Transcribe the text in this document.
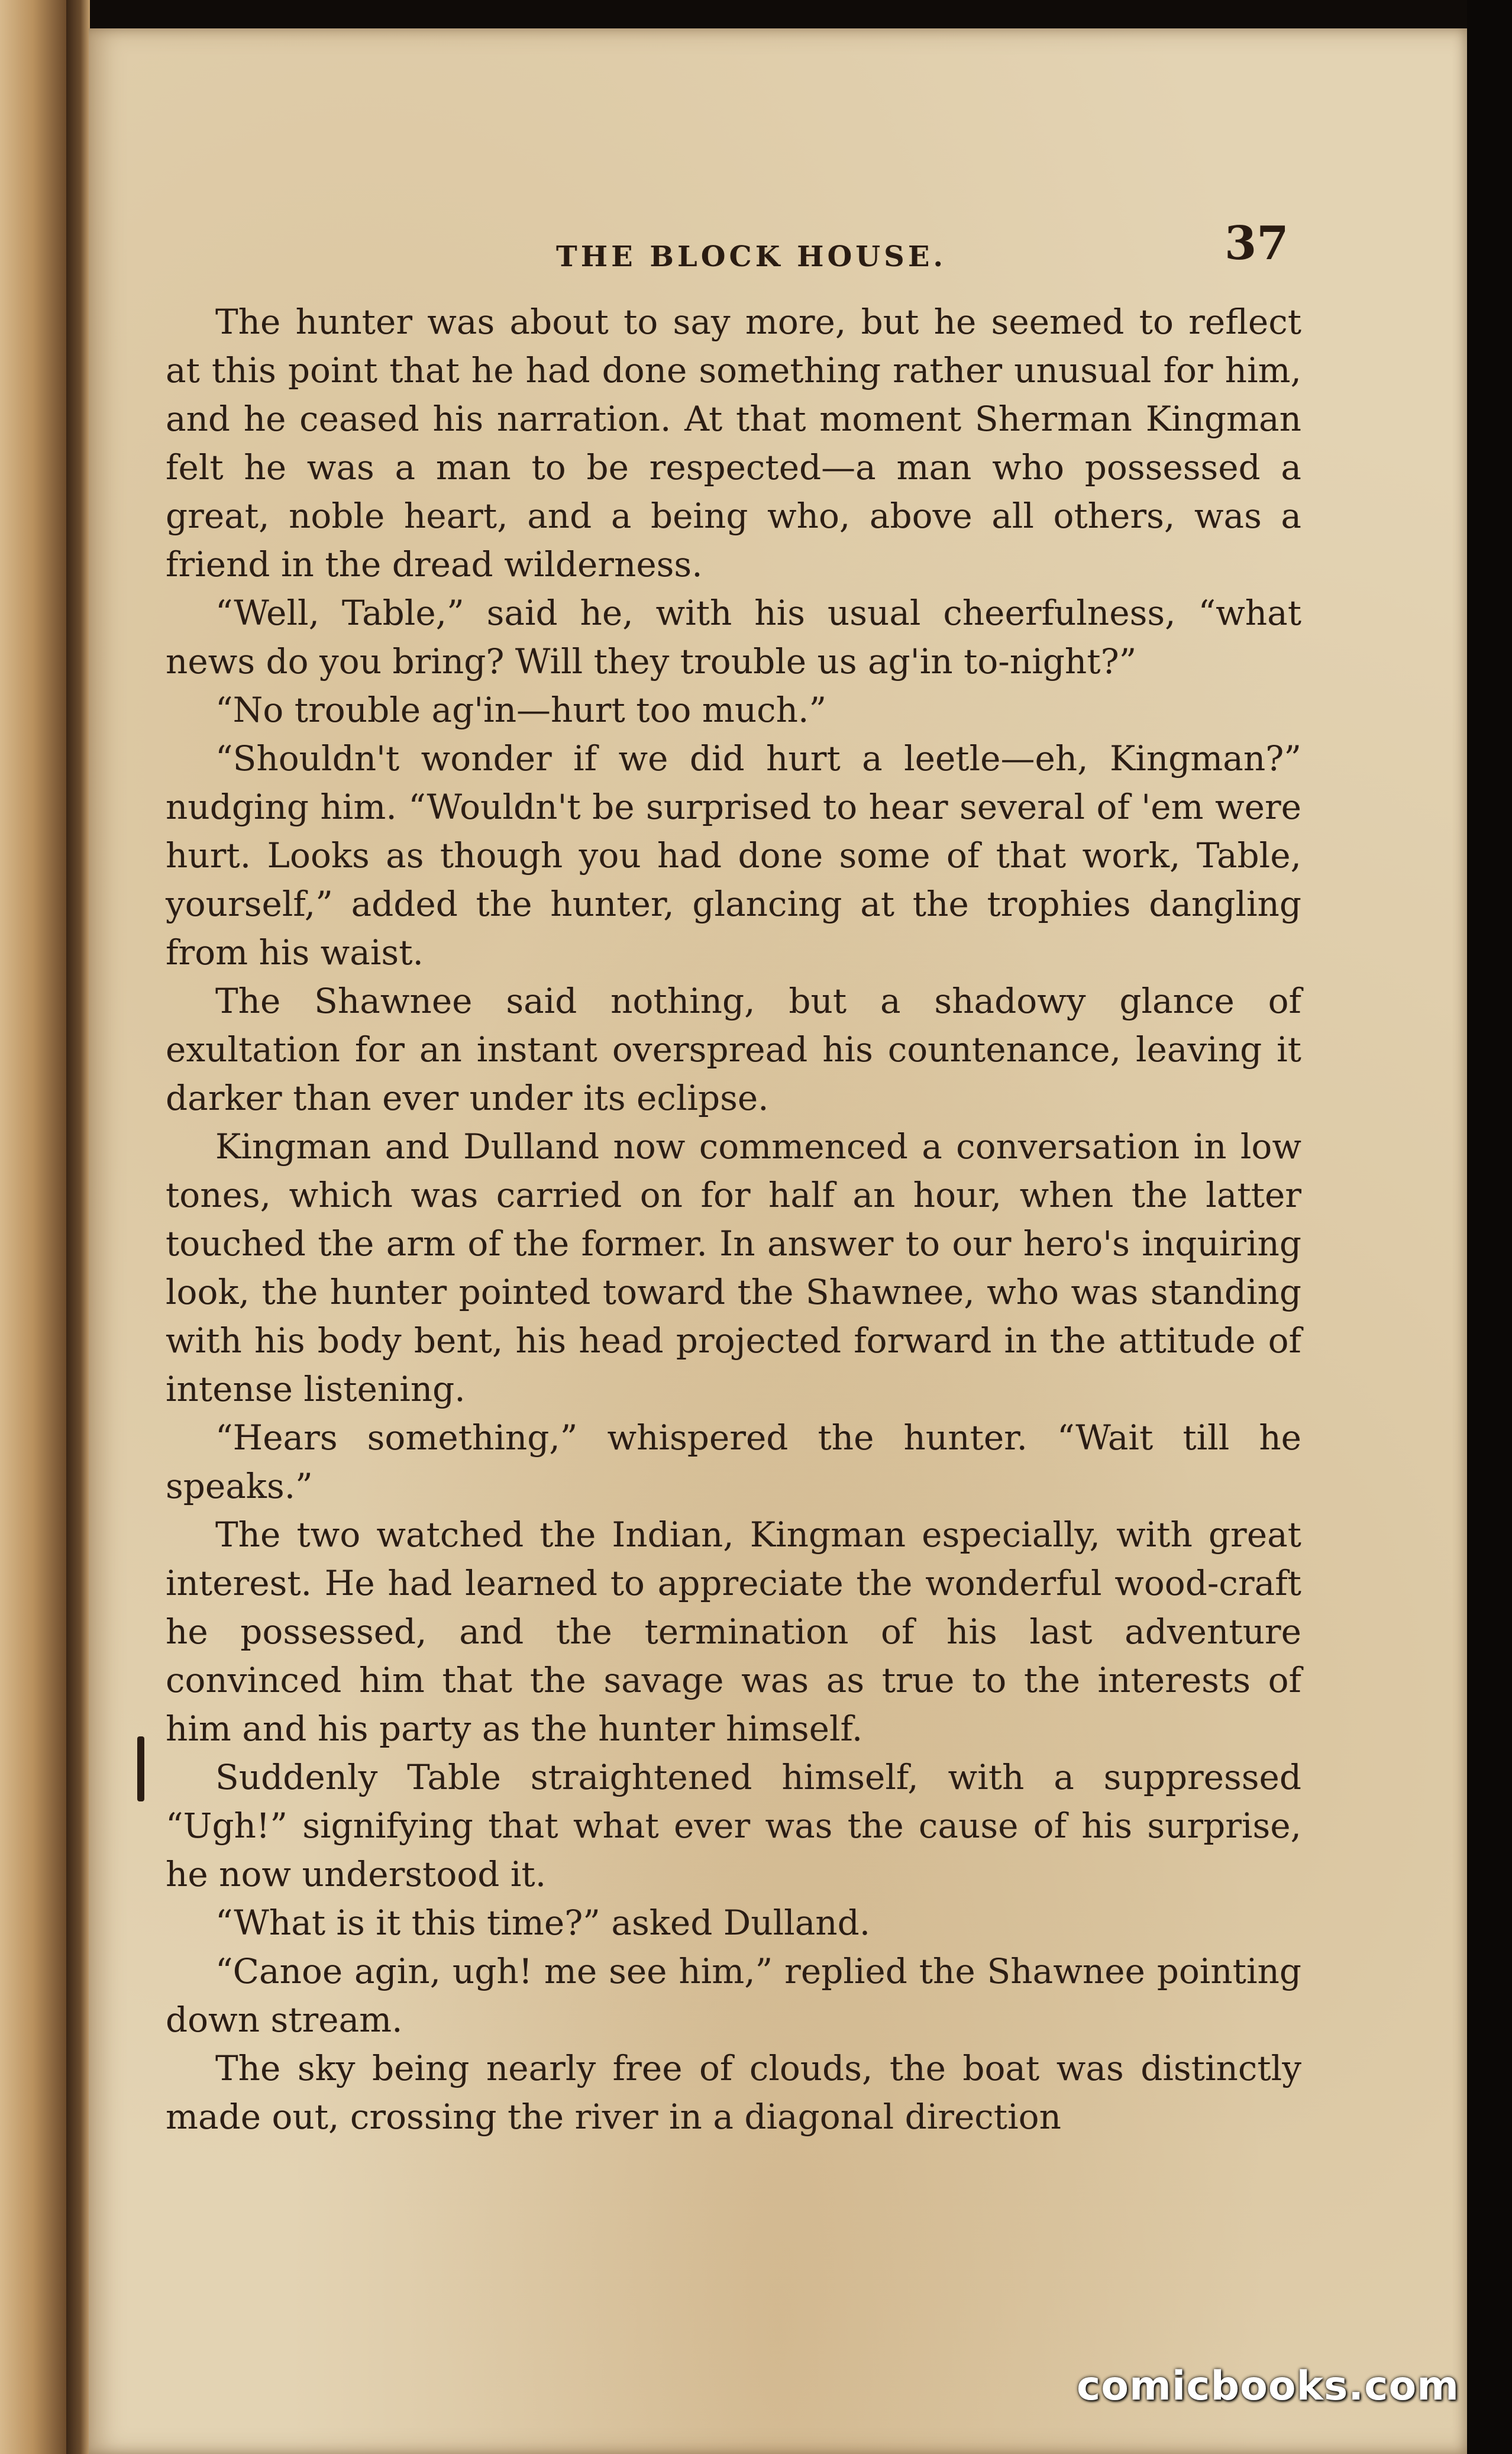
THE BLOCK HOUSE.	37

The hunter was about to say more, but he seemed to reflect at this point that he had done something rather unusual for him, and he ceased his narration. At that moment Sherman Kingman felt he was a man to be respected—a man who possessed a great, noble heart, and a being who, above all others, was a friend in the dread wilderness.

“Well, Table,” said he, with his usual cheerfulness, “what news do you bring? Will they trouble us ag'in to-night?”

“No trouble ag'in—hurt too much.”

“Shouldn't wonder if we did hurt a leetle—eh, Kingman?” nudging him. “Wouldn't be surprised to hear several of 'em were hurt. Looks as though you had done some of that work, Table, yourself,” added the hunter, glancing at the trophies dangling from his waist.

The Shawnee said nothing, but a shadowy glance of exultation for an instant overspread his countenance, leaving it darker than ever under its eclipse.

Kingman and Dulland now commenced a conversation in low tones, which was carried on for half an hour, when the latter touched the arm of the former. In answer to our hero's inquiring look, the hunter pointed toward the Shawnee, who was standing with his body bent, his head projected forward in the attitude of intense listening.

“Hears something,” whispered the hunter. “Wait till he speaks.”

The two watched the Indian, Kingman especially, with great interest. He had learned to appreciate the wonderful wood-craft he possessed, and the termination of his last adventure convinced him that the savage was as true to the interests of him and his party as the hunter himself.

Suddenly Table straightened himself, with a suppressed “Ugh!” signifying that what ever was the cause of his surprise, he now understood it.

“What is it this time?” asked Dulland.

“Canoe agin, ugh! me see him,” replied the Shawnee pointing down stream.

The sky being nearly free of clouds, the boat was distinctly made out, crossing the river in a diagonal direction

comicbooks.com
